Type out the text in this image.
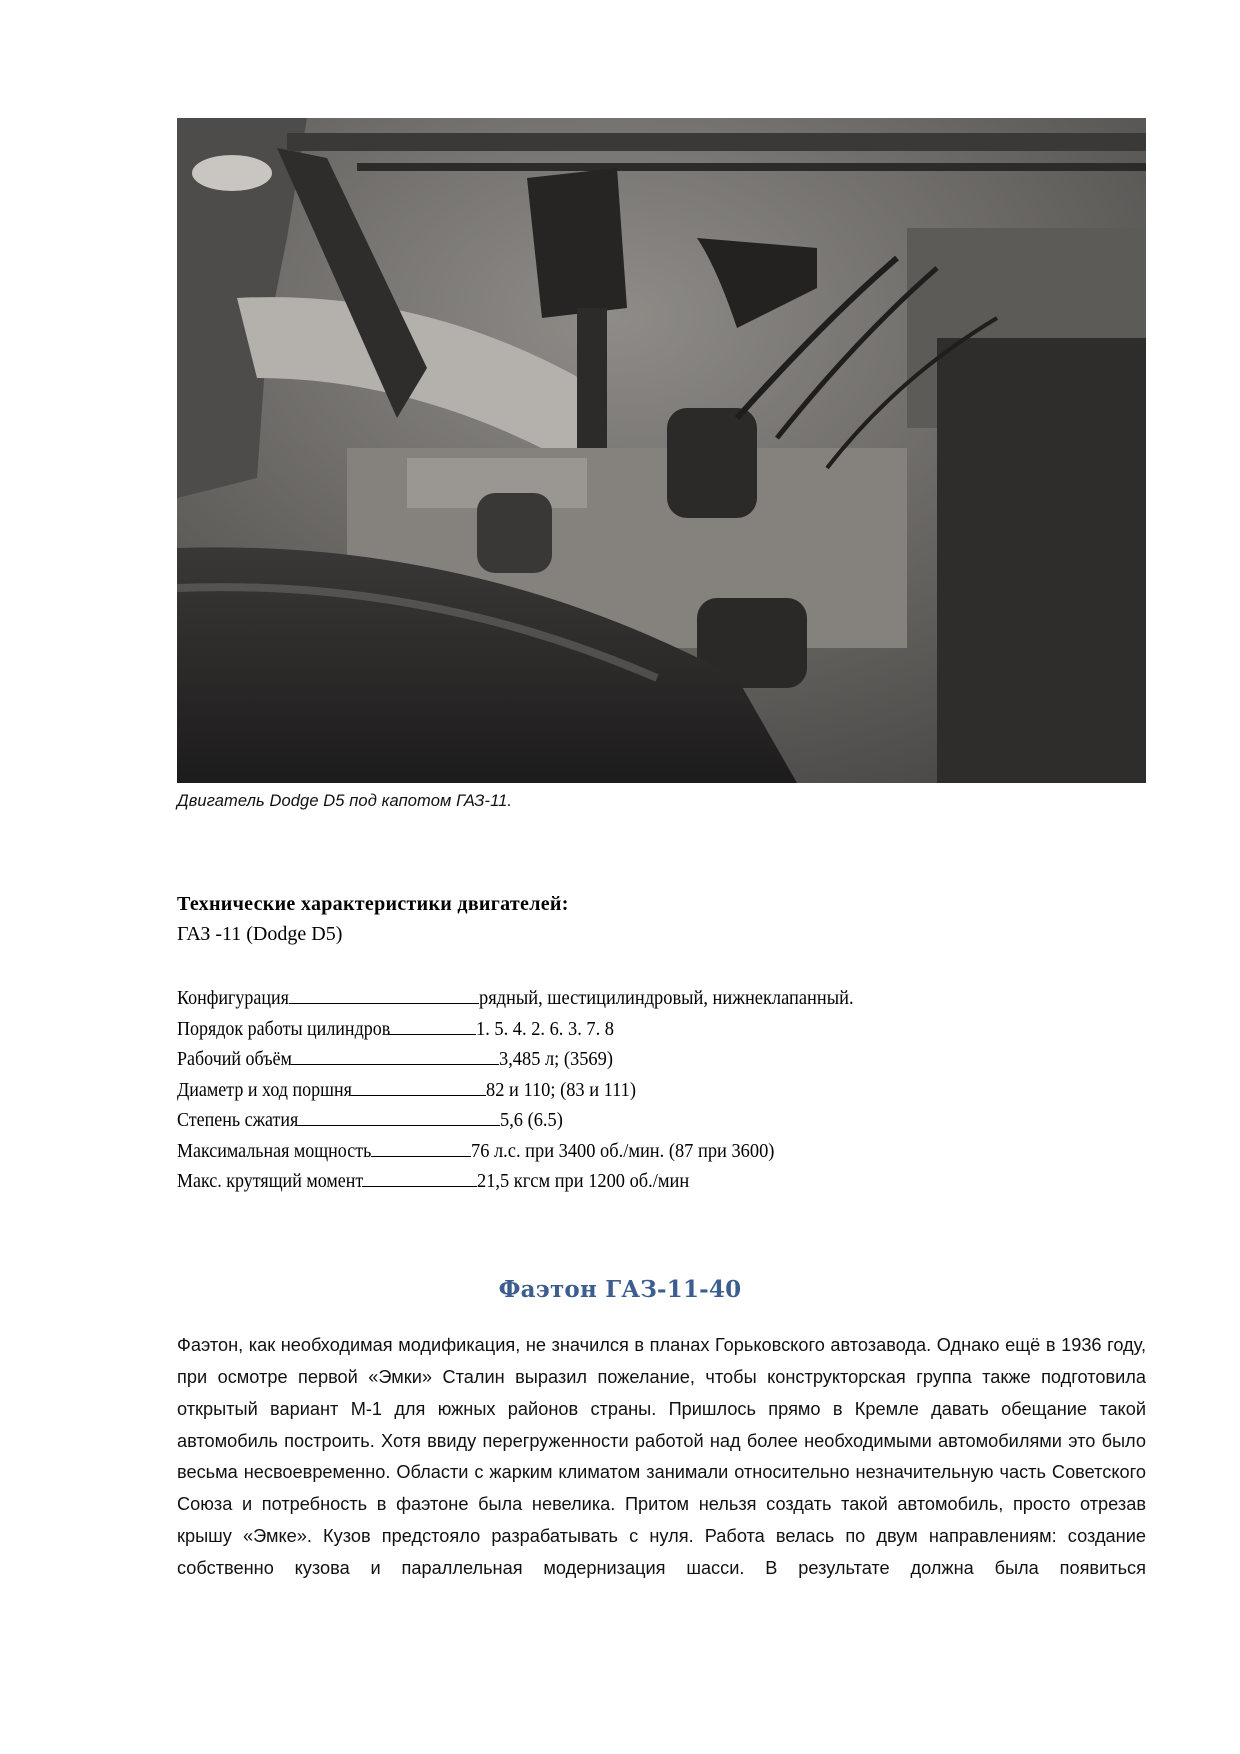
Двигатель Dodge D5 под капотом ГАЗ-11.
Технические характеристики двигателей:
ГАЗ -11 (Dodge D5)
Конфигурация	рядный, шестицилиндровый, нижнеклапанный.
Порядок работы цилиндров	1. 5. 4. 2. 6. 3. 7. 8
Рабочий объём	3,485 л; (3569)
Диаметр и ход поршня	82 и 110; (83 и 111)
Степень сжатия	5,6 (6.5)
Максимальная мощность	76 л.с. при 3400 об./мин. (87 при 3600)
Макс. крутящий момент	21,5 кгсм при 1200 об./мин
Фаэтон ГАЗ-11-40

Фаэтон, как необходимая модификация, не значился в планах Горьковского автозавода. Однако ещё в 1936 году, при осмотре первой «Эмки» Сталин выразил пожелание, чтобы конструкторская группа также подготовила открытый вариант М-1 для южных районов страны. Пришлось прямо в Кремле давать обещание такой автомобиль построить. Хотя ввиду перегруженности работой над более необходимыми автомобилями это было весьма несвоевременно. Области с жарким климатом занимали относительно незначительную часть Советского Союза и потребность в фаэтоне была невелика. Притом нельзя создать такой автомобиль, просто отрезав крышу «Эмке». Кузов предстояло разрабатывать с нуля. Работа велась по двум направлениям: создание собственно кузова и параллельная модернизация шасси. В результате должна была появиться
